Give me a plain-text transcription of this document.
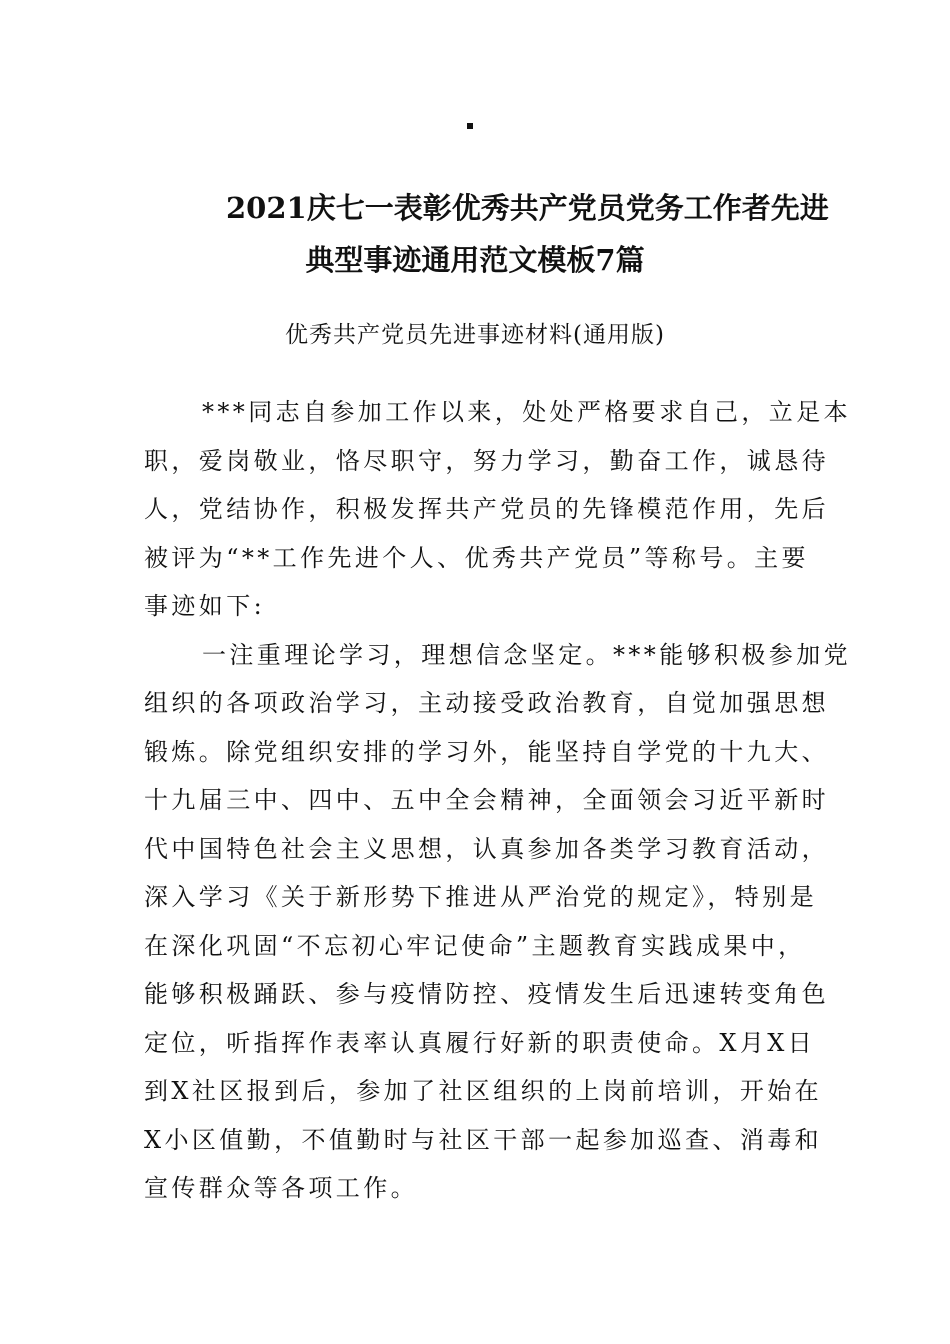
2021庆七一表彰优秀共产党员党务工作者先进
典型事迹通用范文模板7篇

优秀共产党员先进事迹材料(通用版)

***同志自参加工作以来，处处严格要求自己，立足本
职，爱岗敬业，恪尽职守，努力学习，勤奋工作，诚恳待
人，党结协作，积极发挥共产党员的先锋模范作用，先后
被评为“**工作先进个人、优秀共产党员”等称号。主要
事迹如下:

一注重理论学习，理想信念坚定。***能够积极参加党
组织的各项政治学习，主动接受政治教育，自觉加强思想
锻炼。除党组织安排的学习外，能坚持自学党的十九大、
十九届三中、四中、五中全会精神，全面领会习近平新时
代中国特色社会主义思想，认真参加各类学习教育活动，
深入学习《关于新形势下推进从严治党的规定》，特别是
在深化巩固“不忘初心牢记使命”主题教育实践成果中，
能够积极踊跃、参与疫情防控、疫情发生后迅速转变角色
定位，听指挥作表率认真履行好新的职责使命。X月X日
到X社区报到后，参加了社区组织的上岗前培训，开始在
X小区值勤，不值勤时与社区干部一起参加巡查、消毒和
宣传群众等各项工作。
